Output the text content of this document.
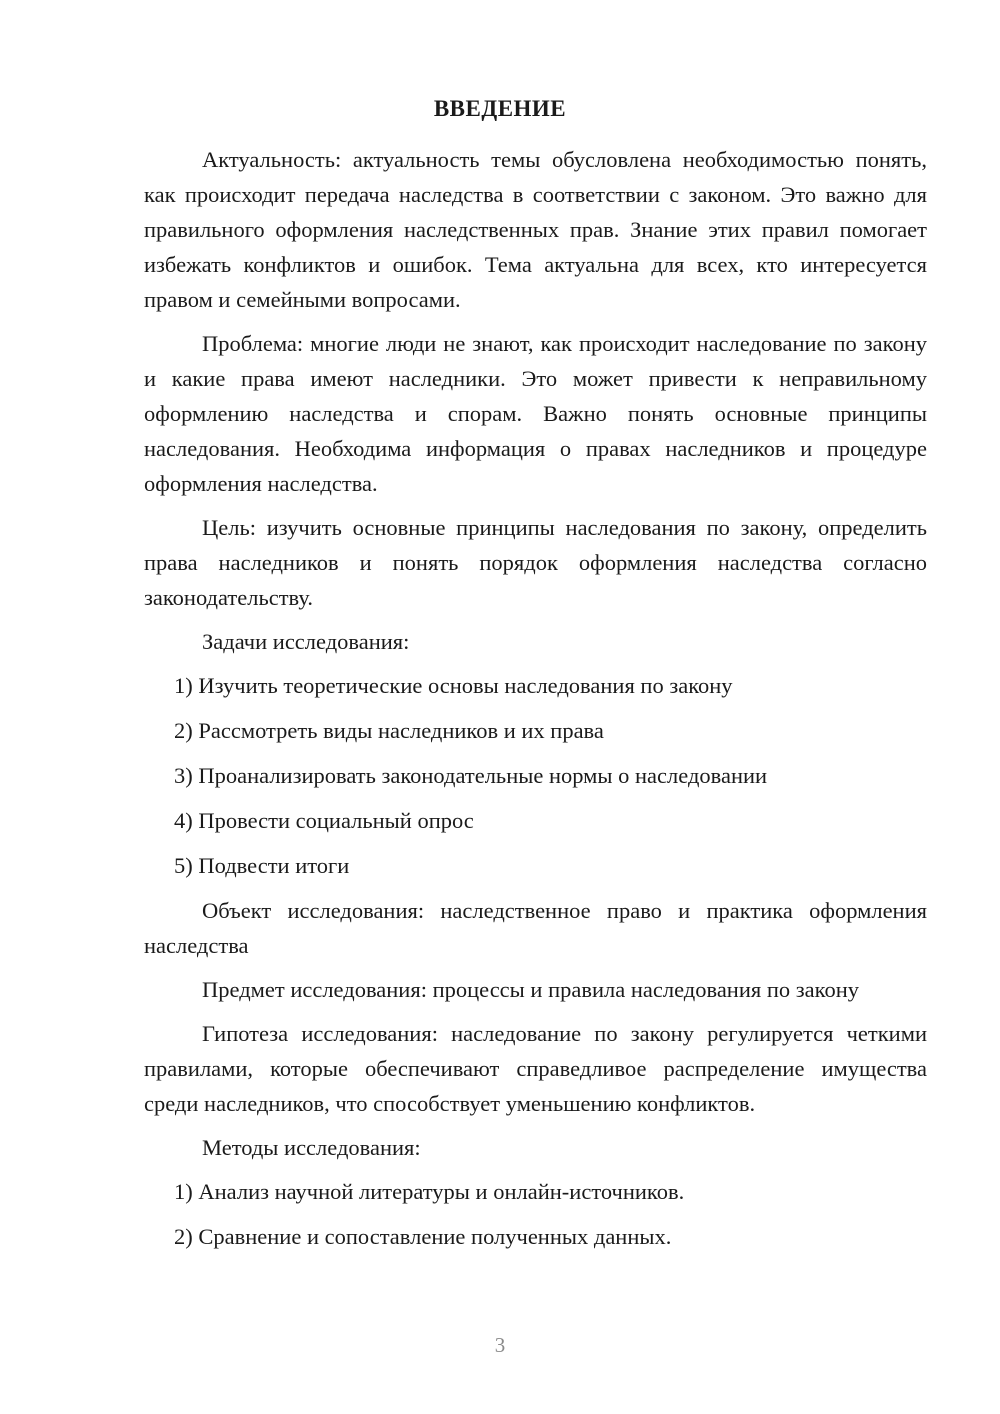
ВВЕДЕНИЕ

Актуальность: актуальность темы обусловлена необходимостью понять, как происходит передача наследства в соответствии с законом. Это важно для правильного оформления наследственных прав. Знание этих правил помогает избежать конфликтов и ошибок. Тема актуальна для всех, кто интересуется правом и семейными вопросами.

Проблема: многие люди не знают, как происходит наследование по закону и какие права имеют наследники. Это может привести к неправильному оформлению наследства и спорам. Важно понять основные принципы наследования. Необходима информация о правах наследников и процедуре оформления наследства.

Цель: изучить основные принципы наследования по закону, определить права наследников и понять порядок оформления наследства согласно законодательству.

Задачи исследования:

1) Изучить теоретические основы наследования по закону

2) Рассмотреть виды наследников и их права

3) Проанализировать законодательные нормы о наследовании

4) Провести социальный опрос

5) Подвести итоги

Объект исследования: наследственное право и практика оформления наследства

Предмет исследования: процессы и правила наследования по закону

Гипотеза исследования: наследование по закону регулируется четкими правилами, которые обеспечивают справедливое распределение имущества среди наследников, что способствует уменьшению конфликтов.

Методы исследования:

1) Анализ научной литературы и онлайн-источников.

2) Сравнение и сопоставление полученных данных.

3
